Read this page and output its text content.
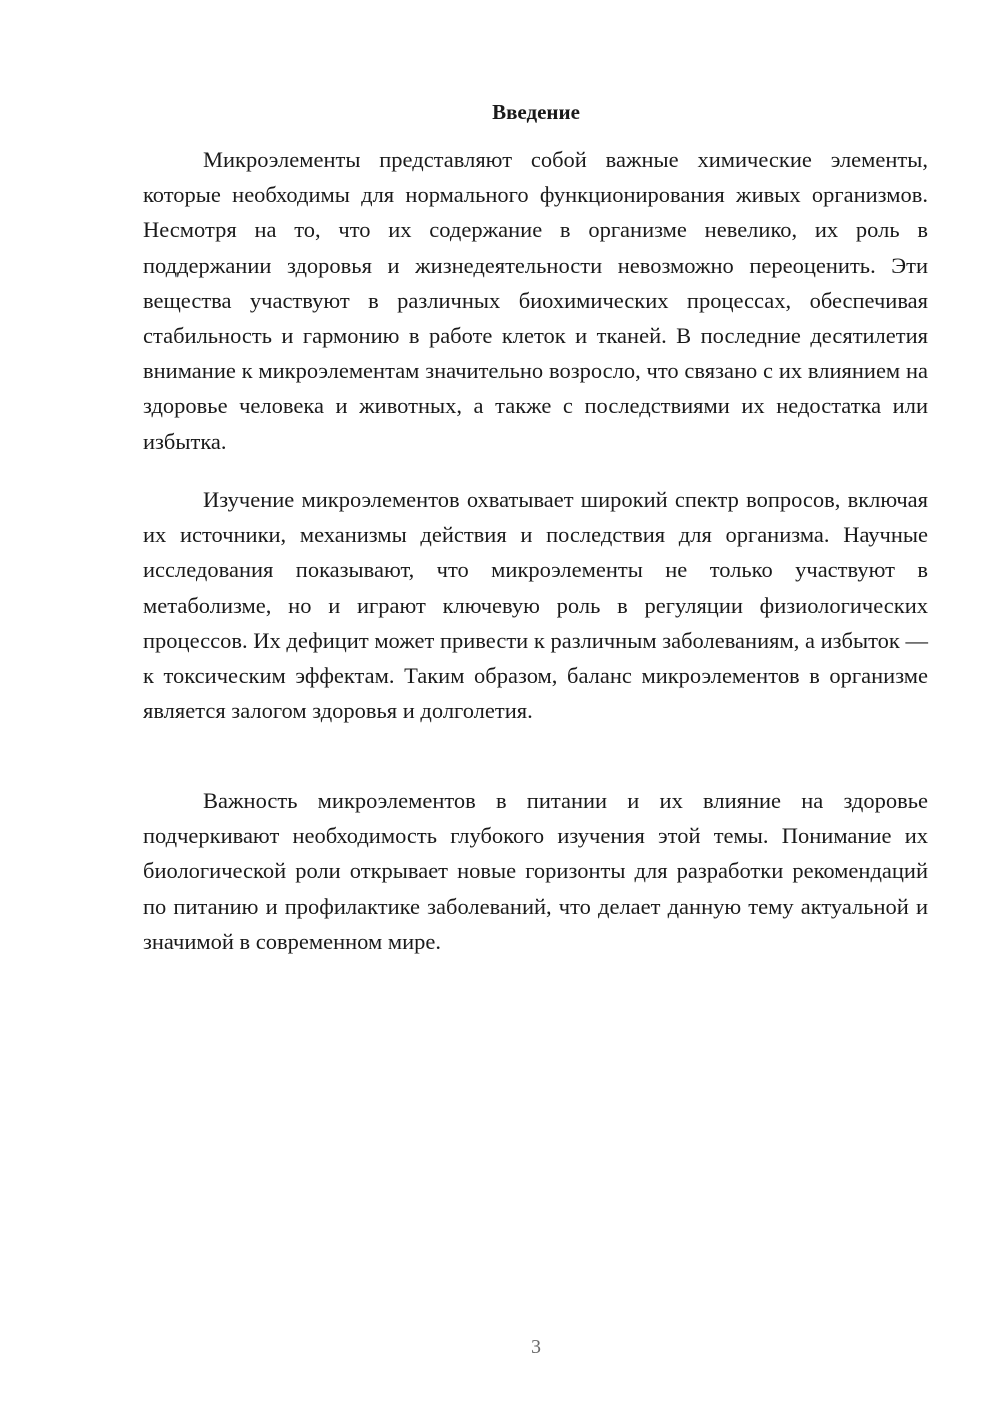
Введение

Микроэлементы представляют собой важные химические элементы, которые необходимы для нормального функционирования живых организмов. Несмотря на то, что их содержание в организме невелико, их роль в поддержании здоровья и жизнедеятельности невозможно переоценить. Эти вещества участвуют в различных биохимических процессах, обеспечивая стабильность и гармонию в работе клеток и тканей. В последние десятилетия внимание к микроэлементам значительно возросло, что связано с их влиянием на здоровье человека и животных, а также с последствиями их недостатка или избытка.

Изучение микроэлементов охватывает широкий спектр вопросов, включая их источники, механизмы действия и последствия для организма. Научные исследования показывают, что микроэлементы не только участвуют в метаболизме, но и играют ключевую роль в регуляции физиологических процессов. Их дефицит может привести к различным заболеваниям, а избыток — к токсическим эффектам. Таким образом, баланс микроэлементов в организме является залогом здоровья и долголетия.

Важность микроэлементов в питании и их влияние на здоровье подчеркивают необходимость глубокого изучения этой темы. Понимание их биологической роли открывает новые горизонты для разработки рекомендаций по питанию и профилактике заболеваний, что делает данную тему актуальной и значимой в современном мире.

3
